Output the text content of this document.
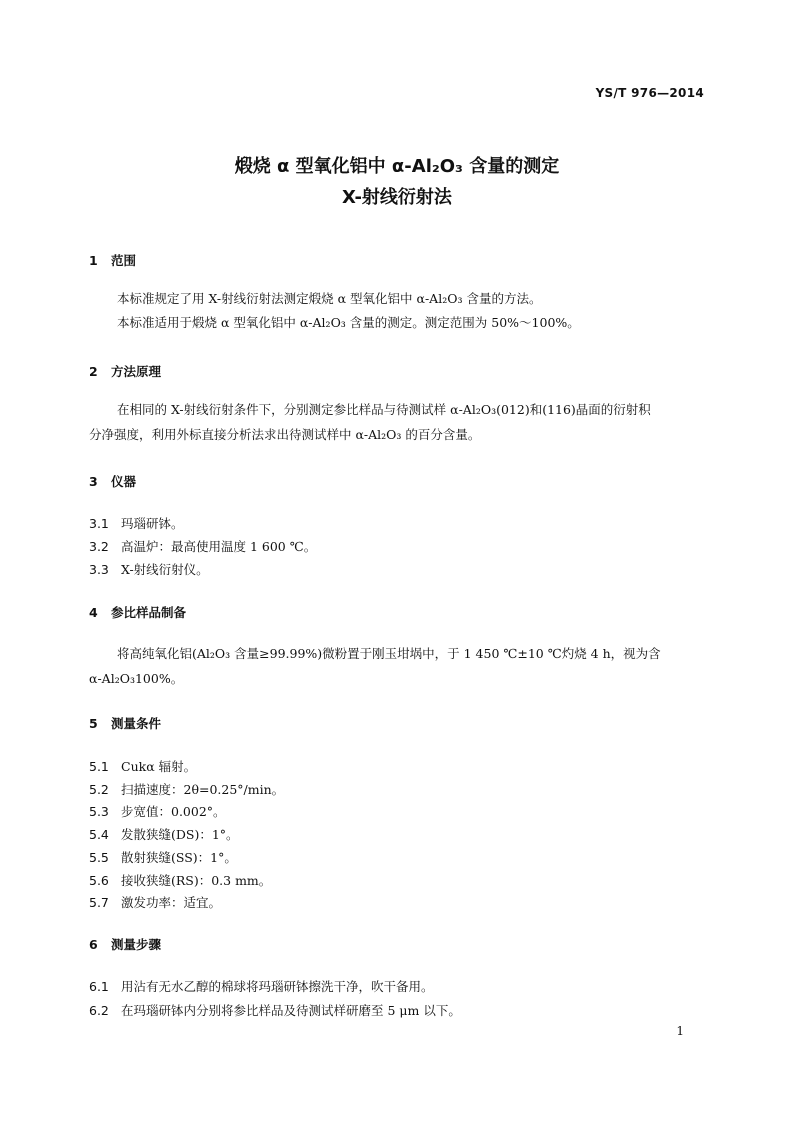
YS/T 976—2014
煅烧 α 型氧化铝中 α-Al₂O₃ 含量的测定
X-射线衍射法
1 范围
本标准规定了用 X-射线衍射法测定煅烧 α 型氧化铝中 α-Al₂O₃ 含量的方法。
本标准适用于煅烧 α 型氧化铝中 α-Al₂O₃ 含量的测定。测定范围为 50%～100%。
2 方法原理
在相同的 X-射线衍射条件下，分别测定参比样品与待测试样 α-Al₂O₃(012)和(116)晶面的衍射积
分净强度，利用外标直接分析法求出待测试样中 α-Al₂O₃ 的百分含量。
3 仪器
3.1 玛瑙研钵。
3.2 高温炉：最高使用温度 1 600 ℃。
3.3 X-射线衍射仪。
4 参比样品制备
将高纯氧化铝(Al₂O₃ 含量≥99.99%)微粉置于刚玉坩埚中，于 1 450 ℃±10 ℃灼烧 4 h，视为含
α-Al₂O₃100%。
5 测量条件
5.1 Cukα 辐射。
5.2 扫描速度：2θ=0.25°/min。
5.3 步宽值：0.002°。
5.4 发散狭缝(DS)：1°。
5.5 散射狭缝(SS)：1°。
5.6 接收狭缝(RS)：0.3 mm。
5.7 激发功率：适宜。
6 测量步骤
6.1 用沾有无水乙醇的棉球将玛瑙研钵擦洗干净，吹干备用。
6.2 在玛瑙研钵内分别将参比样品及待测试样研磨至 5 μm 以下。
1
